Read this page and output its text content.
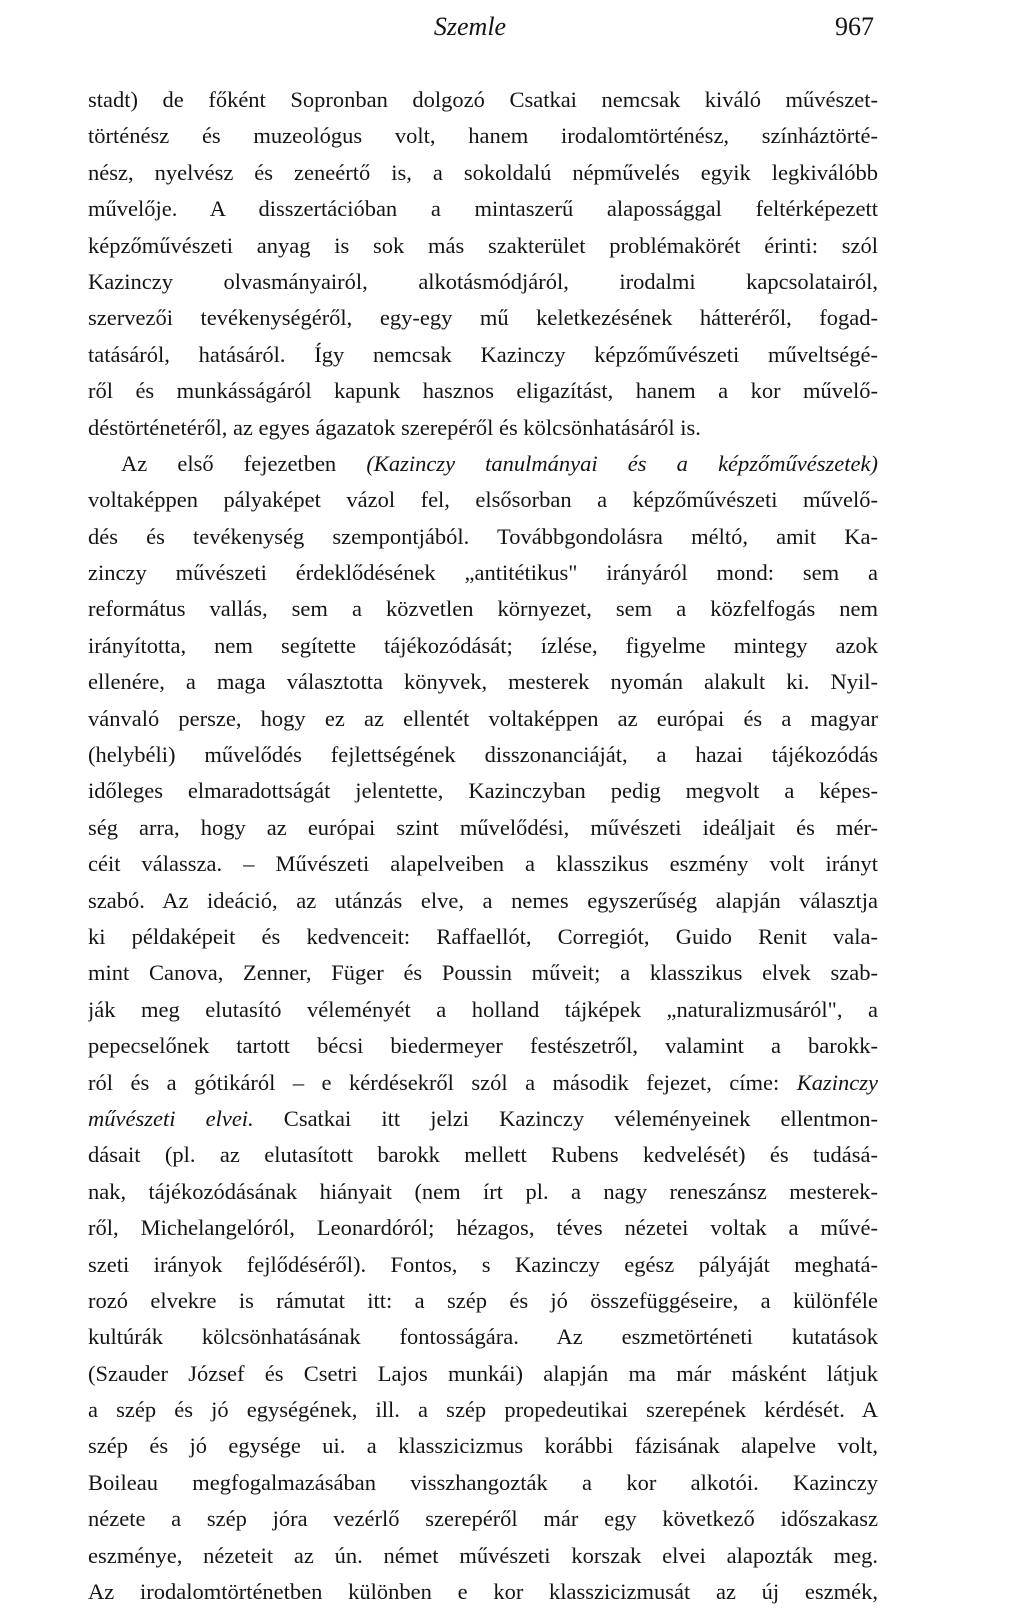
Szemle	967
stadt) de főként Sopronban dolgozó Csatkai nemcsak kiváló művészet-
történész és muzeológus volt, hanem irodalomtörténész, színháztörté-
nész, nyelvész és zeneértő is, a sokoldalú népművelés egyik legkiválóbb
művelője. A disszertációban a mintaszerű alapossággal feltérképezett
képzőművészeti anyag is sok más szakterület problémakörét érinti: szól
Kazinczy olvasmányairól, alkotásmódjáról, irodalmi kapcsolatairól,
szervezői tevékenységéről, egy-egy mű keletkezésének hátteréről, fogad-
tatásáról, hatásáról. Így nemcsak Kazinczy képzőművészeti műveltségé-
ről és munkásságáról kapunk hasznos eligazítást, hanem a kor művelő-
déstörténetéről, az egyes ágazatok szerepéről és kölcsönhatásáról is.
Az első fejezetben (Kazinczy tanulmányai és a képzőművészetek)
voltaképpen pályaképet vázol fel, elsősorban a képzőművészeti művelő-
dés és tevékenység szempontjából. Továbbgondolásra méltó, amit Ka-
zinczy művészeti érdeklődésének „antitétikus" irányáról mond: sem a
református vallás, sem a közvetlen környezet, sem a közfelfogás nem
irányította, nem segítette tájékozódását; ízlése, figyelme mintegy azok
ellenére, a maga választotta könyvek, mesterek nyomán alakult ki. Nyil-
vánvaló persze, hogy ez az ellentét voltaképpen az európai és a magyar
(helybéli) művelődés fejlettségének disszonanciáját, a hazai tájékozódás
időleges elmaradottságát jelentette, Kazinczyban pedig megvolt a képes-
ség arra, hogy az európai szint művelődési, művészeti ideáljait és mér-
céit válassza. – Művészeti alapelveiben a klasszikus eszmény volt irányt
szabó. Az ideáció, az utánzás elve, a nemes egyszerűség alapján választja
ki példaképeit és kedvenceit: Raffaellót, Corregiót, Guido Renit vala-
mint Canova, Zenner, Füger és Poussin műveit; a klasszikus elvek szab-
ják meg elutasító véleményét a holland tájképek „naturalizmusáról", a
pepecselőnek tartott bécsi biedermeyer festészetről, valamint a barokk-
ról és a gótikáról – e kérdésekről szól a második fejezet, címe: Kazinczy
művészeti elvei. Csatkai itt jelzi Kazinczy véleményeinek ellentmon-
dásait (pl. az elutasított barokk mellett Rubens kedvelését) és tudásá-
nak, tájékozódásának hiányait (nem írt pl. a nagy reneszánsz mesterek-
ről, Michelangelóról, Leonardóról; hézagos, téves nézetei voltak a művé-
szeti irányok fejlődéséről). Fontos, s Kazinczy egész pályáját meghatá-
rozó elvekre is rámutat itt: a szép és jó összefüggéseire, a különféle
kultúrák kölcsönhatásának fontosságára. Az eszmetörténeti kutatások
(Szauder József és Csetri Lajos munkái) alapján ma már másként látjuk
a szép és jó egységének, ill. a szép propedeutikai szerepének kérdését. A
szép és jó egysége ui. a klasszicizmus korábbi fázisának alapelve volt,
Boileau megfogalmazásában visszhangozták a kor alkotói. Kazinczy
nézete a szép jóra vezérlő szerepéről már egy következő időszakasz
eszménye, nézeteit az ún. német művészeti korszak elvei alapozták meg.
Az irodalomtörténetben különben e kor klasszicizmusát az új eszmék,
